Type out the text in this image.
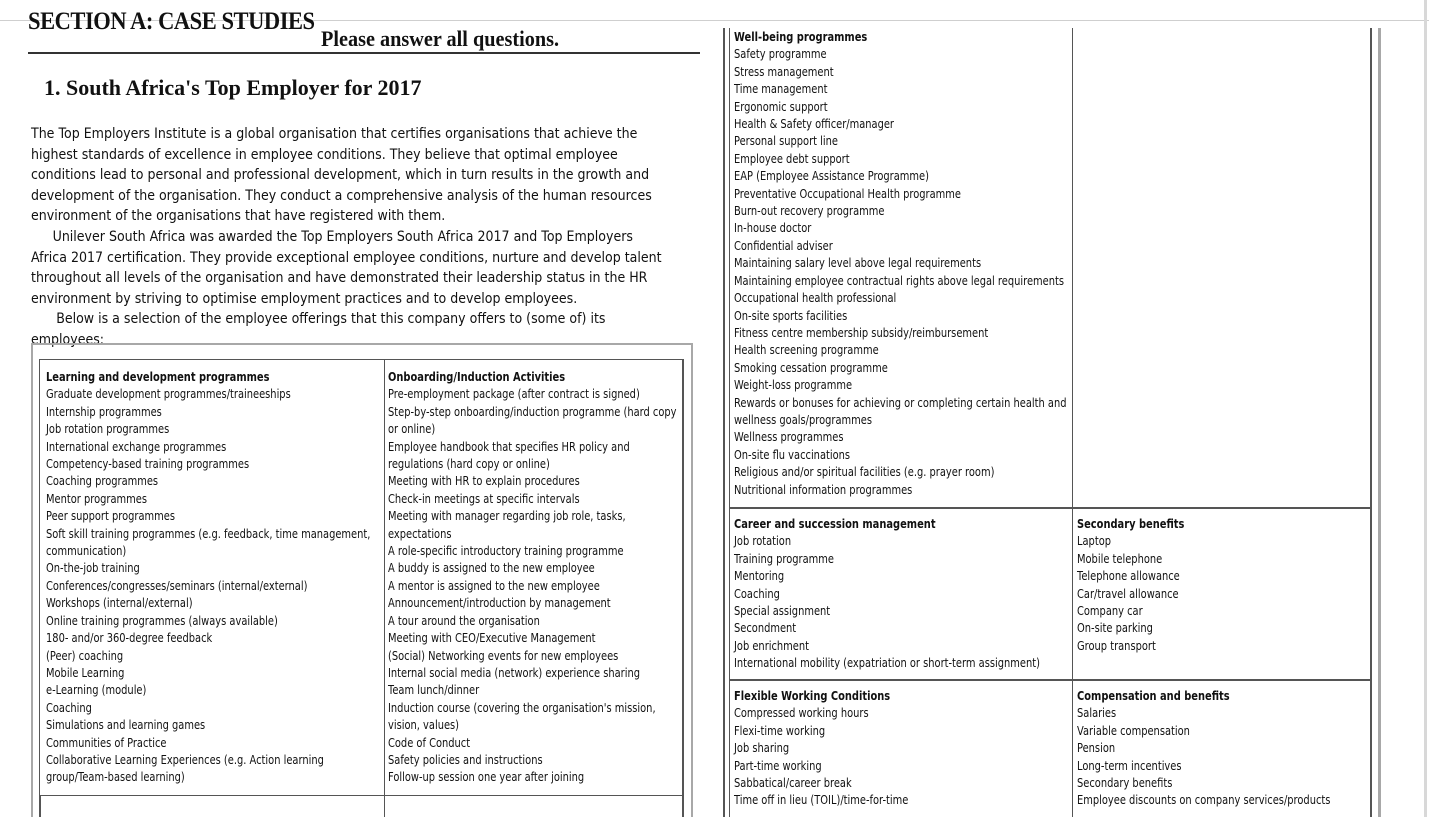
SECTION A: CASE STUDIES
Please answer all questions.
1. South Africa's Top Employer for 2017

The Top Employers Institute is a global organisation that certifies organisations that achieve the highest standards of excellence in employee conditions. They believe that optimal employee conditions lead to personal and professional development, which in turn results in the growth and development of the organisation. They conduct a comprehensive analysis of the human resources environment of the organisations that have registered with them.

Unilever South Africa was awarded the Top Employers South Africa 2017 and Top Employers Africa 2017 certification. They provide exceptional employee conditions, nurture and develop talent throughout all levels of the organisation and have demonstrated their leadership status in the HR environment by striving to optimise employment practices and to develop employees.

Below is a selection of the employee offerings that this company offers to (some of) its employees:

Learning and development programmes
Graduate development programmes/traineeships
Internship programmes
Job rotation programmes
International exchange programmes
Competency-based training programmes
Coaching programmes
Mentor programmes
Peer support programmes
Soft skill training programmes (e.g. feedback, time management, communication)
On-the-job training
Conferences/congresses/seminars (internal/external)
Workshops (internal/external)
Online training programmes (always available)
180- and/or 360-degree feedback
(Peer) coaching
Mobile Learning
e-Learning (module)
Coaching
Simulations and learning games
Communities of Practice
Collaborative Learning Experiences (e.g. Action learning group/Team-based learning)
Onboarding/Induction Activities
Pre-employment package (after contract is signed)
Step-by-step onboarding/induction programme (hard copy or online)
Employee handbook that specifies HR policy and regulations (hard copy or online)
Meeting with HR to explain procedures
Check-in meetings at specific intervals
Meeting with manager regarding job role, tasks, expectations
A role-specific introductory training programme
A buddy is assigned to the new employee
A mentor is assigned to the new employee
Announcement/introduction by management
A tour around the organisation
Meeting with CEO/Executive Management
(Social) Networking events for new employees
Internal social media (network) experience sharing
Team lunch/dinner
Induction course (covering the organisation's mission, vision, values)
Code of Conduct
Safety policies and instructions
Follow-up session one year after joining
Well-being programmes
Safety programme
Stress management
Time management
Ergonomic support
Health & Safety officer/manager
Personal support line
Employee debt support
EAP (Employee Assistance Programme)
Preventative Occupational Health programme
Burn-out recovery programme
In-house doctor
Confidential adviser
Maintaining salary level above legal requirements
Maintaining employee contractual rights above legal requirements
Occupational health professional
On-site sports facilities
Fitness centre membership subsidy/reimbursement
Health screening programme
Smoking cessation programme
Weight-loss programme
Rewards or bonuses for achieving or completing certain health and wellness goals/programmes
Wellness programmes
On-site flu vaccinations
Religious and/or spiritual facilities (e.g. prayer room)
Nutritional information programmes
Career and succession management
Job rotation
Training programme
Mentoring
Coaching
Special assignment
Secondment
Job enrichment
International mobility (expatriation or short-term assignment)
Secondary benefits
Laptop
Mobile telephone
Telephone allowance
Car/travel allowance
Company car
On-site parking
Group transport
Flexible Working Conditions
Compressed working hours
Flexi-time working
Job sharing
Part-time working
Sabbatical/career break
Time off in lieu (TOIL)/time-for-time
Compensation and benefits
Salaries
Variable compensation
Pension
Long-term incentives
Secondary benefits
Employee discounts on company services/products
